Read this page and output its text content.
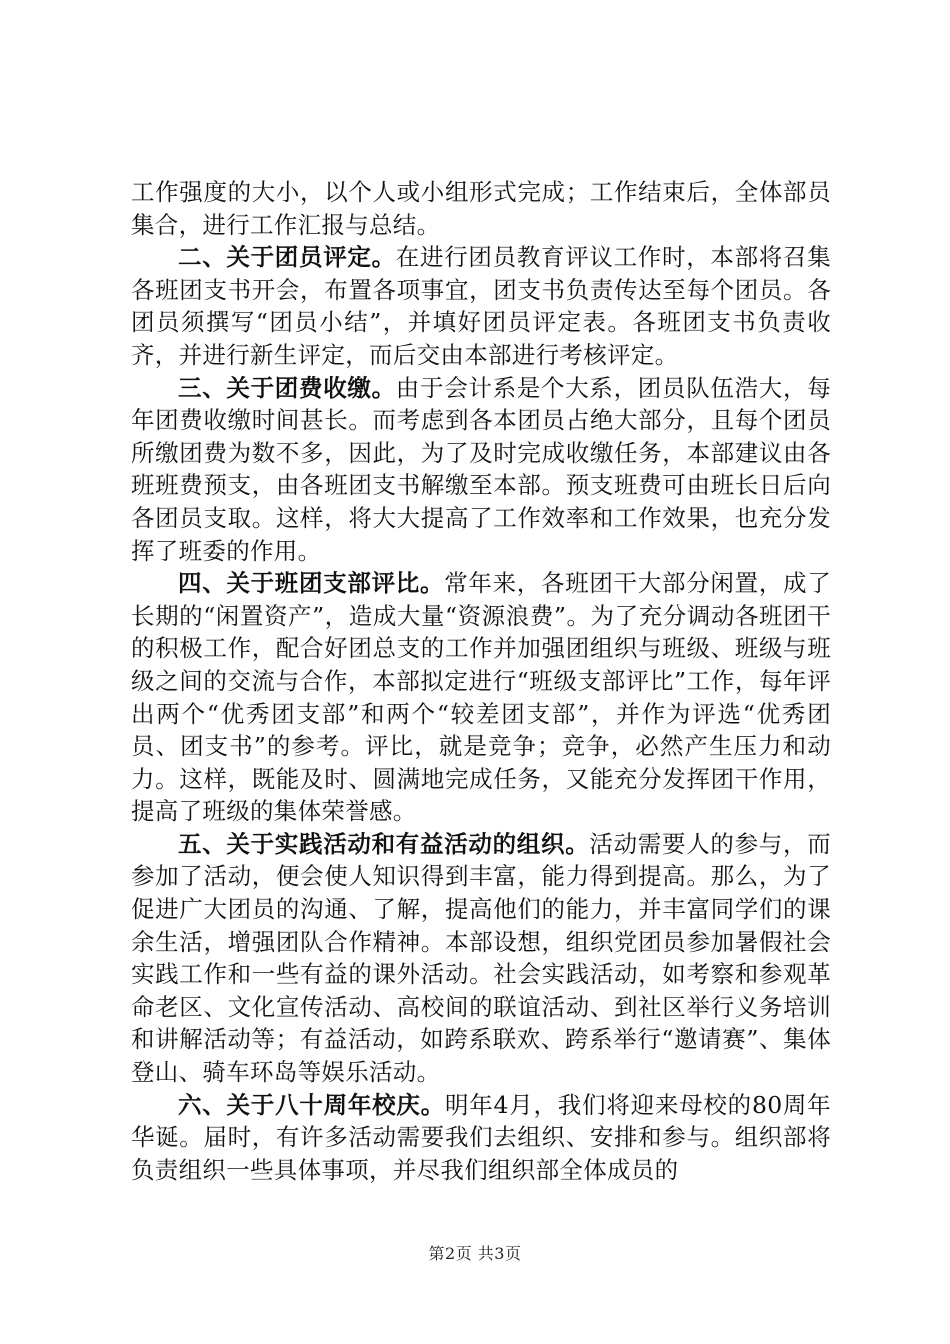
工作强度的大小，以个人或小组形式完成；工作结束后，全体部员集合，进行工作汇报与总结。

二、关于团员评定。在进行团员教育评议工作时，本部将召集各班团支书开会，布置各项事宜，团支书负责传达至每个团员。各团员须撰写“团员小结”，并填好团员评定表。各班团支书负责收齐，并进行新生评定，而后交由本部进行考核评定。

三、关于团费收缴。由于会计系是个大系，团员队伍浩大，每年团费收缴时间甚长。而考虑到各本团员占绝大部分，且每个团员所缴团费为数不多，因此，为了及时完成收缴任务，本部建议由各班班费预支，由各班团支书解缴至本部。预支班费可由班长日后向各团员支取。这样，将大大提高了工作效率和工作效果，也充分发挥了班委的作用。

四、关于班团支部评比。常年来，各班团干大部分闲置，成了长期的“闲置资产”，造成大量“资源浪费”。为了充分调动各班团干的积极工作，配合好团总支的工作并加强团组织与班级、班级与班级之间的交流与合作，本部拟定进行“班级支部评比”工作，每年评出两个“优秀团支部”和两个“较差团支部”，并作为评选“优秀团员、团支书”的参考。评比，就是竞争；竞争，必然产生压力和动力。这样，既能及时、圆满地完成任务，又能充分发挥团干作用，提高了班级的集体荣誉感。

五、关于实践活动和有益活动的组织。活动需要人的参与，而参加了活动，便会使人知识得到丰富，能力得到提高。那么，为了促进广大团员的沟通、了解，提高他们的能力，并丰富同学们的课余生活，增强团队合作精神。本部设想，组织党团员参加暑假社会实践工作和一些有益的课外活动。社会实践活动，如考察和参观革命老区、文化宣传活动、高校间的联谊活动、到社区举行义务培训和讲解活动等；有益活动，如跨系联欢、跨系举行“邀请赛”、集体登山、骑车环岛等娱乐活动。

六、关于八十周年校庆。明年4月，我们将迎来母校的80周年华诞。届时，有许多活动需要我们去组织、安排和参与。组织部将负责组织一些具体事项，并尽我们组织部全体成员的

第2页 共3页
